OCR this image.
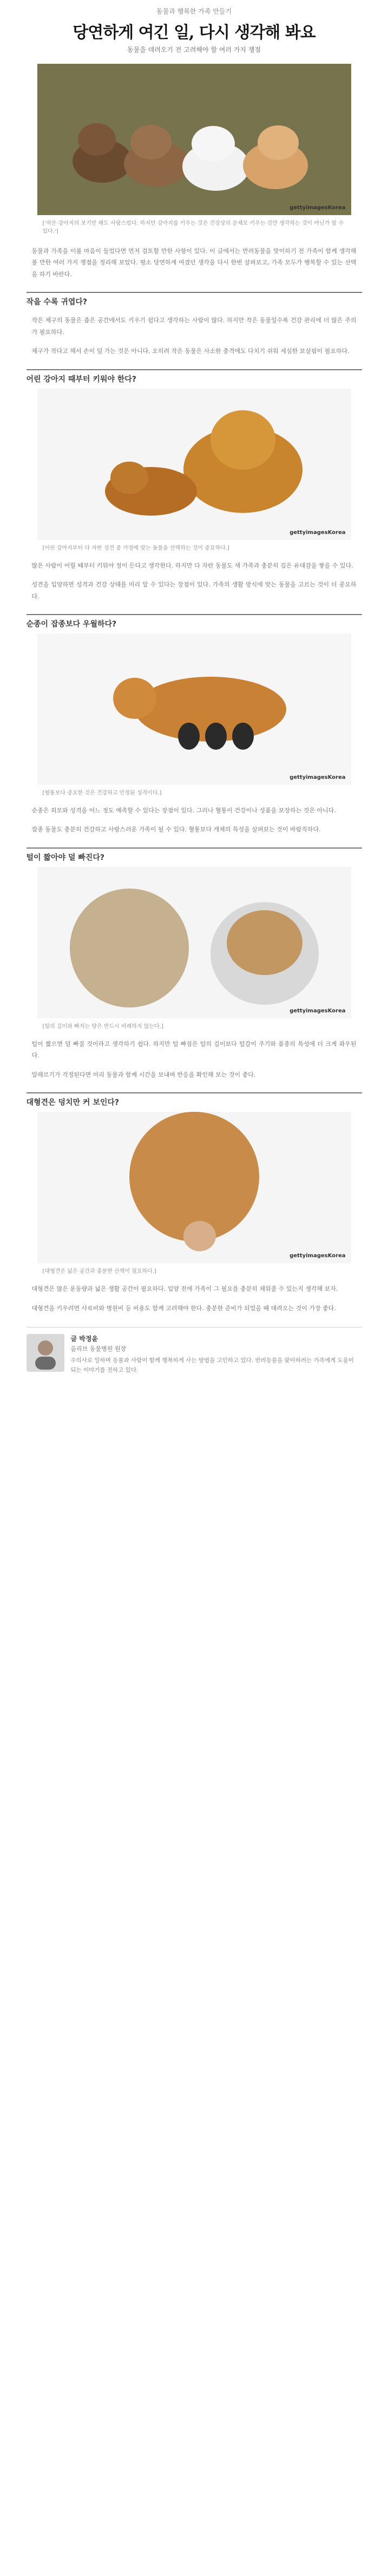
동물과 행복한 가족 만들기
당연하게 여긴 일, 다시 생각해 봐요
동물을 데려오기 전 고려해야 할 여러 가지 쟁점
gettyimagesKorea
['작은 강아지의 보기만 해도 사랑스럽다. 하지만 강아지를 키우는 것은 건강상의 문제로 키우는 것만 생각하는 것이 아닌가 할 수 있다.']
동물과 가족을 이룰 마음이 들었다면 먼저 검토할 만한 사항이 있다. 이 글에서는 반려동물을 맞이하기 전 가족이 함께 생각해볼 만한 여러 가지 쟁점을 정리해 보았다. 평소 당연하게 여겼던 생각을 다시 한번 살펴보고, 가족 모두가 행복할 수 있는 선택을 하기 바란다.
작을 수록 귀엽다?
작은 체구의 동물은 좁은 공간에서도 키우기 쉽다고 생각하는 사람이 많다. 하지만 작은 동물일수록 건강 관리에 더 많은 주의가 필요하다.
체구가 작다고 해서 손이 덜 가는 것은 아니다. 오히려 작은 동물은 사소한 충격에도 다치기 쉬워 세심한 보살핌이 필요하다.
어린 강아지 때부터 키워야 한다?
gettyimagesKorea
[어린 강아지부터 다 자란 성견 중 가정에 맞는 동물을 선택하는 것이 중요하다.]
많은 사람이 어릴 때부터 키워야 정이 든다고 생각한다. 하지만 다 자란 동물도 새 가족과 충분히 깊은 유대감을 쌓을 수 있다.
성견을 입양하면 성격과 건강 상태를 미리 알 수 있다는 장점이 있다. 가족의 생활 방식에 맞는 동물을 고르는 것이 더 중요하다.
순종이 잡종보다 우월하다?
gettyimagesKorea
[혈통보다 중요한 것은 건강하고 안정된 성격이다.]
순종은 외모와 성격을 어느 정도 예측할 수 있다는 장점이 있다. 그러나 혈통이 건강이나 성품을 보장하는 것은 아니다.
잡종 동물도 충분히 건강하고 사랑스러운 가족이 될 수 있다. 혈통보다 개체의 특성을 살펴보는 것이 바람직하다.
털이 짧아야 덜 빠진다?
gettyimagesKorea
[털의 길이와 빠지는 양은 반드시 비례하지 않는다.]
털이 짧으면 덜 빠질 것이라고 생각하기 쉽다. 하지만 털 빠짐은 털의 길이보다 털갈이 주기와 품종의 특성에 더 크게 좌우된다.
알레르기가 걱정된다면 미리 동물과 함께 시간을 보내며 반응을 확인해 보는 것이 좋다.
대형견은 덩치만 커 보인다?
gettyimagesKorea
[대형견은 넓은 공간과 충분한 산책이 필요하다.]
대형견은 많은 운동량과 넓은 생활 공간이 필요하다. 입양 전에 가족이 그 필요를 충분히 채워줄 수 있는지 생각해 보자.
대형견을 키우려면 사료비와 병원비 등 비용도 함께 고려해야 한다. 충분한 준비가 되었을 때 데려오는 것이 가장 좋다.
글 박정윤
올리브 동물병원 원장
수의사로 일하며 동물과 사람이 함께 행복하게 사는 방법을 고민하고 있다. 반려동물을 맞이하려는 가족에게 도움이 되는 이야기를 전하고 있다.
